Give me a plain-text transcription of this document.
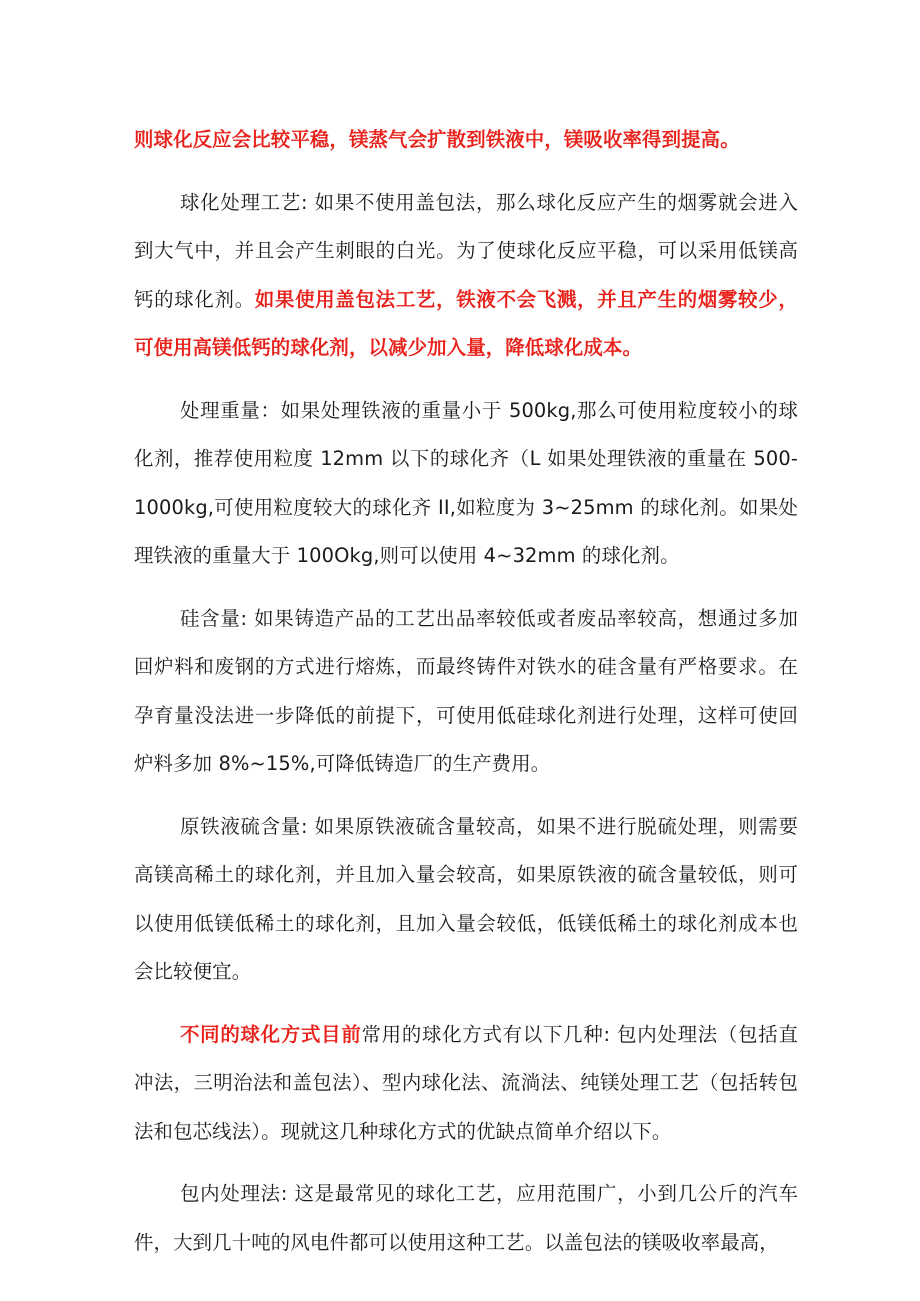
则球化反应会比较平稳，镁蒸气会扩散到铁液中，镁吸收率得到提高。

球化处理工艺: 如果不使用盖包法，那么球化反应产生的烟雾就会进入到大气中，并且会产生刺眼的白光。为了使球化反应平稳，可以采用低镁高钙的球化剂。如果使用盖包法工艺，铁液不会飞溅，并且产生的烟雾较少，可使用高镁低钙的球化剂，以减少加入量，降低球化成本。

处理重量：如果处理铁液的重量小于 500kg,那么可使用粒度较小的球化剂，推荐使用粒度 12mm 以下的球化齐（L 如果处理铁液的重量在 500-1000kg,可使用粒度较大的球化齐 II,如粒度为 3~25mm 的球化剂。如果处理铁液的重量大于 100Okg,则可以使用 4~32mm 的球化剂。

硅含量: 如果铸造产品的工艺出品率较低或者废品率较高，想通过多加回炉料和废钢的方式进行熔炼，而最终铸件对铁水的硅含量有严格要求。在孕育量没法进一步降低的前提下，可使用低硅球化剂进行处理，这样可使回炉料多加 8%~15%,可降低铸造厂的生产费用。

原铁液硫含量: 如果原铁液硫含量较高，如果不进行脱硫处理，则需要高镁高稀土的球化剂，并且加入量会较高，如果原铁液的硫含量较低，则可以使用低镁低稀土的球化剂，且加入量会较低，低镁低稀土的球化剂成本也会比较便宜。

不同的球化方式目前常用的球化方式有以下几种: 包内处理法（包括直冲法，三明治法和盖包法）、型内球化法、流淌法、纯镁处理工艺（包括转包法和包芯线法）。现就这几种球化方式的优缺点简单介绍以下。

包内处理法: 这是最常见的球化工艺，应用范围广，小到几公斤的汽车件，大到几十吨的风电件都可以使用这种工艺。以盖包法的镁吸收率最高，
